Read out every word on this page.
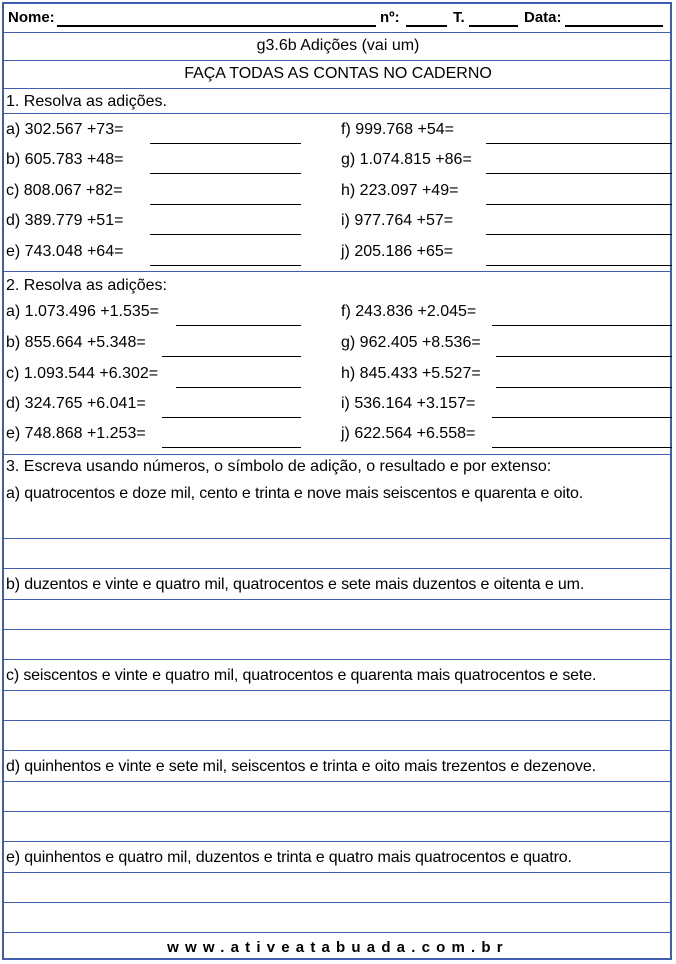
Nome:	nº:	T.	Data:
g3.6b Adições (vai um)
FAÇA TODAS AS CONTAS NO CADERNO
1. Resolva as adições.
a) 302.567 +73=	f) 999.768 +54=
b) 605.783 +48=	g) 1.074.815 +86=
c) 808.067 +82=	h) 223.097 +49=
d) 389.779 +51=	i) 977.764 +57=
e) 743.048 +64=	j) 205.186 +65=
2. Resolva as adições:
a) 1.073.496 +1.535=	f) 243.836 +2.045=
b) 855.664 +5.348=	g) 962.405 +8.536=
c) 1.093.544 +6.302=	h) 845.433 +5.527=
d) 324.765 +6.041=	i) 536.164 +3.157=
e) 748.868 +1.253=	j) 622.564 +6.558=
3. Escreva usando números, o símbolo de adição, o resultado e por extenso:
a) quatrocentos e doze mil, cento e trinta e nove mais seiscentos e quarenta e oito.
b) duzentos e vinte e quatro mil, quatrocentos e sete mais duzentos e oitenta e um.
c) seiscentos e vinte e quatro mil, quatrocentos e quarenta mais quatrocentos e sete.
d) quinhentos e vinte e sete mil, seiscentos e trinta e oito mais trezentos e dezenove.
e) quinhentos e quatro mil, duzentos e trinta e quatro mais quatrocentos e quatro.
www.ativeatabuada.com.br
